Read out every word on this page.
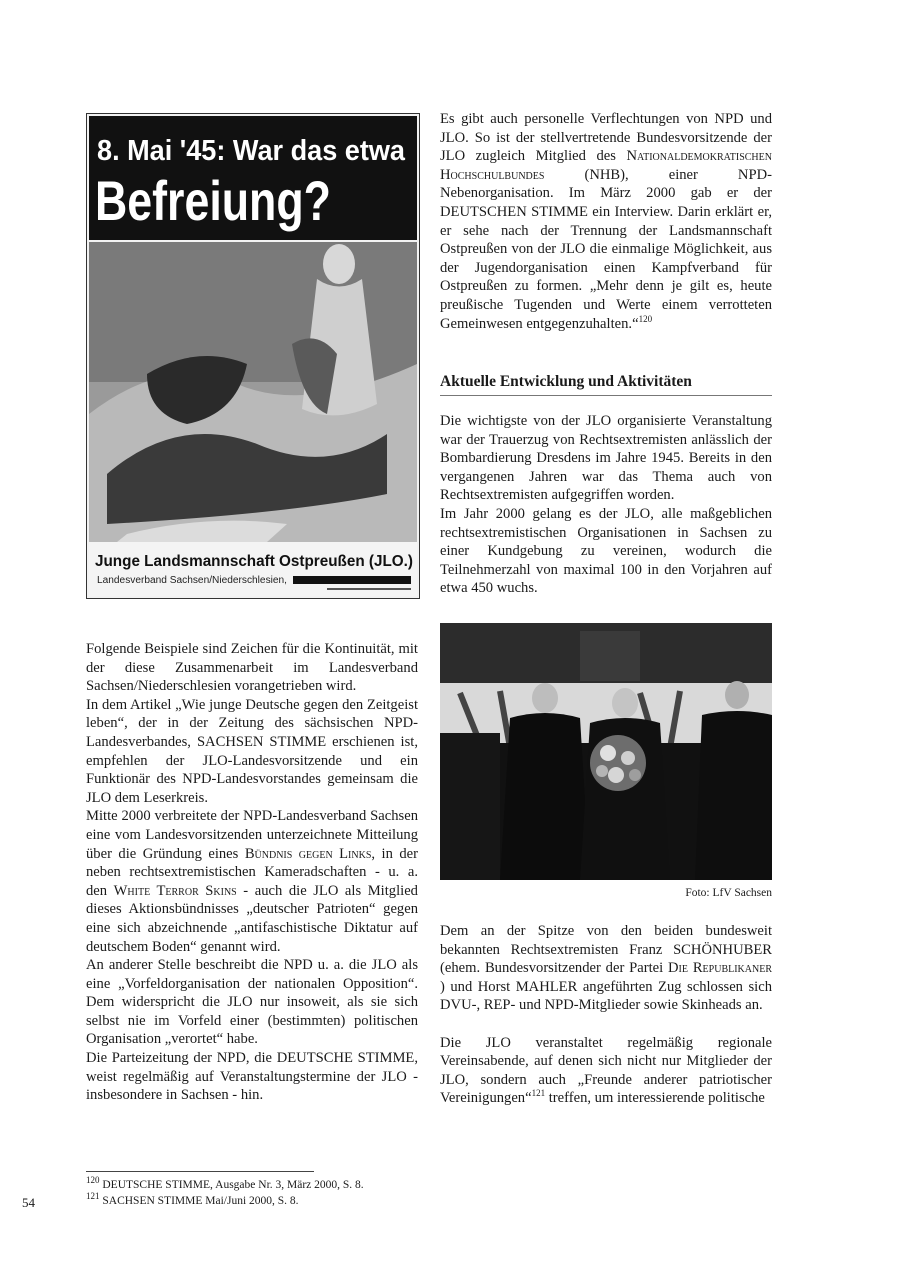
8. Mai '45: War das etwa
Befreiung?
Junge Landsmannschaft Ostpreußen (JLO.)
Landesverband Sachsen/Niederschlesien,

Es gibt auch personelle Verflechtungen von NPD und JLO. So ist der stellvertretende Bundesvorsitzende der JLO zugleich Mitglied des Nationaldemokratischen Hochschulbundes (NHB), einer NPD-Nebenorganisation. Im März 2000 gab er der DEUTSCHEN STIMME ein Interview. Darin erklärt er, er sehe nach der Trennung der Landsmannschaft Ostpreußen von der JLO die einmalige Möglichkeit, aus der Jugendorganisation einen Kampfverband für Ostpreußen zu formen. „Mehr denn je gilt es, heute preußische Tugenden und Werte einem verrotteten Gemeinwesen entgegenzuhalten.“$^{120}$

Aktuelle Entwicklung und Aktivitäten

Die wichtigste von der JLO organisierte Veranstaltung war der Trauerzug von Rechtsextremisten anlässlich der Bombardierung Dresdens im Jahre 1945. Bereits in den vergangenen Jahren war das Thema auch von Rechtsextremisten aufgegriffen worden.

Im Jahr 2000 gelang es der JLO, alle maßgeblichen rechtsextremistischen Organisationen in Sachsen zu einer Kundgebung zu vereinen, wodurch die Teilnehmerzahl von maximal 100 in den Vorjahren auf etwa 450 wuchs.

Foto: LfV Sachsen

Dem an der Spitze von den beiden bundesweit bekannten Rechtsextremisten Franz SCHÖNHUBER (ehem. Bundesvorsitzender der Partei Die Republikaner ) und Horst MAHLER angeführten Zug schlossen sich DVU-, REP- und NPD-Mitglieder sowie Skinheads an.

Die JLO veranstaltet regelmäßig regionale Vereinsabende, auf denen sich nicht nur Mitglieder der JLO, sondern auch „Freunde anderer patriotischer Vereinigungen“$^{121}$ treffen, um interessierende politische

Folgende Beispiele sind Zeichen für die Kontinuität, mit der diese Zusammenarbeit im Landesverband Sachsen/Niederschlesien vorangetrieben wird.

In dem Artikel „Wie junge Deutsche gegen den Zeitgeist leben“, der in der Zeitung des sächsischen NPD-Landesverbandes, SACHSEN STIMME erschienen ist, empfehlen der JLO-Landesvorsitzende und ein Funktionär des NPD-Landesvorstandes gemeinsam die JLO dem Leserkreis.

Mitte 2000 verbreitete der NPD-Landesverband Sachsen eine vom Landesvorsitzenden unterzeichnete Mitteilung über die Gründung eines Bündnis gegen Links, in der neben rechtsextremistischen Kameradschaften - u. a. den White Terror Skins - auch die JLO als Mitglied dieses Aktionsbündnisses „deutscher Patrioten“ gegen eine sich abzeichnende „antifaschistische Diktatur auf deutschem Boden“ genannt wird.

An anderer Stelle beschreibt die NPD u. a. die JLO als eine „Vorfeldorganisation der nationalen Opposition“. Dem widerspricht die JLO nur insoweit, als sie sich selbst nie im Vorfeld einer (bestimmten) politischen Organisation „verortet“ habe.

Die Parteizeitung der NPD, die DEUTSCHE STIMME, weist regelmäßig auf Veranstaltungstermine der JLO - insbesondere in Sachsen - hin.

$^{120}$ DEUTSCHE STIMME, Ausgabe Nr. 3, März 2000, S. 8.
$^{121}$ SACHSEN STIMME Mai/Juni 2000, S. 8.
54
